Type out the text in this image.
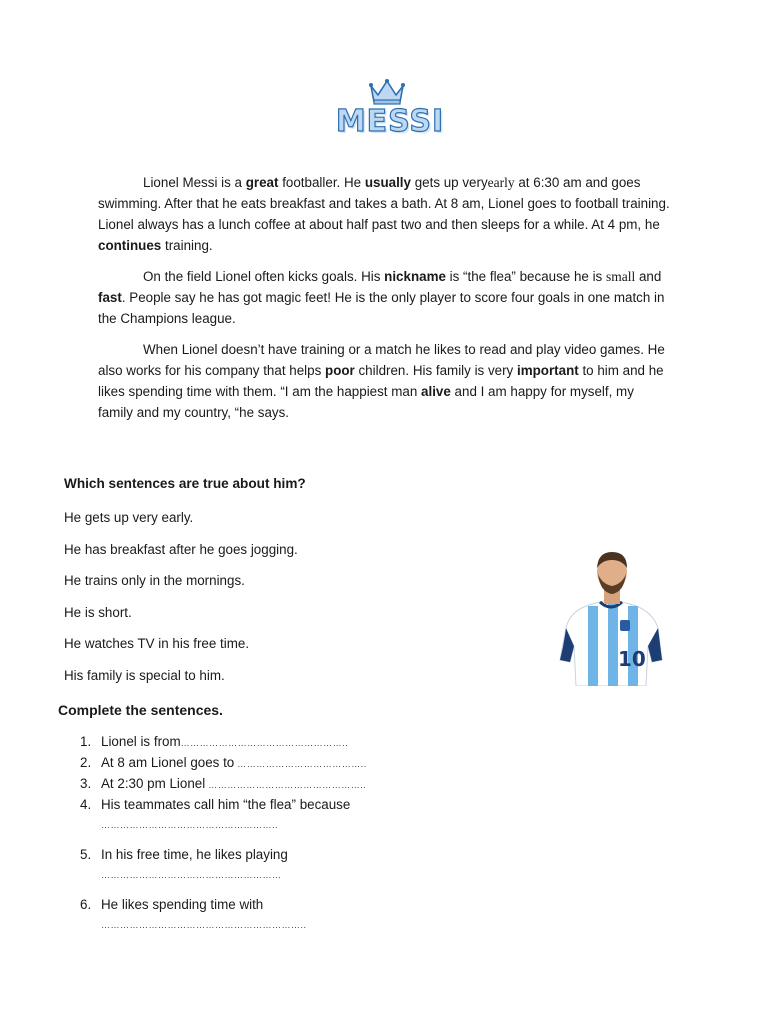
MESSI

Lionel Messi is a great footballer. He usually gets up veryearly at 6:30 am and goes swimming. After that he eats breakfast and takes a bath. At 8 am, Lionel goes to football training. Lionel always has a lunch coffee at about half past two and then sleeps for a while. At 4 pm, he continues training.

On the field Lionel often kicks goals. His nickname is “the flea” because he is small and fast. People say he has got magic feet! He is the only player to score four goals in one match in the Champions league.

When Lionel doesn’t have training or a match he likes to read and play video games. He also works for his company that helps poor children. His family is very important to him and he likes spending time with them. “I am the happiest man alive and I am happy for myself, my family and my country, “he says.

Which sentences are true about him?
He gets up very early.
He has breakfast after he goes jogging.
He trains only in the mornings.
He is short.
He watches TV in his free time.
His family is special to him.
10
Complete the sentences.
1. Lionel is from……………………………………………..
2. At 8 am Lionel goes to …………………………………..
3. At 2:30 pm Lionel …………………………………………..
4. His teammates call him “the flea” because
………………………………………………..
5. In his free time, he likes playing
…………………………………………………
6. He likes spending time with
………………………………………………………..
